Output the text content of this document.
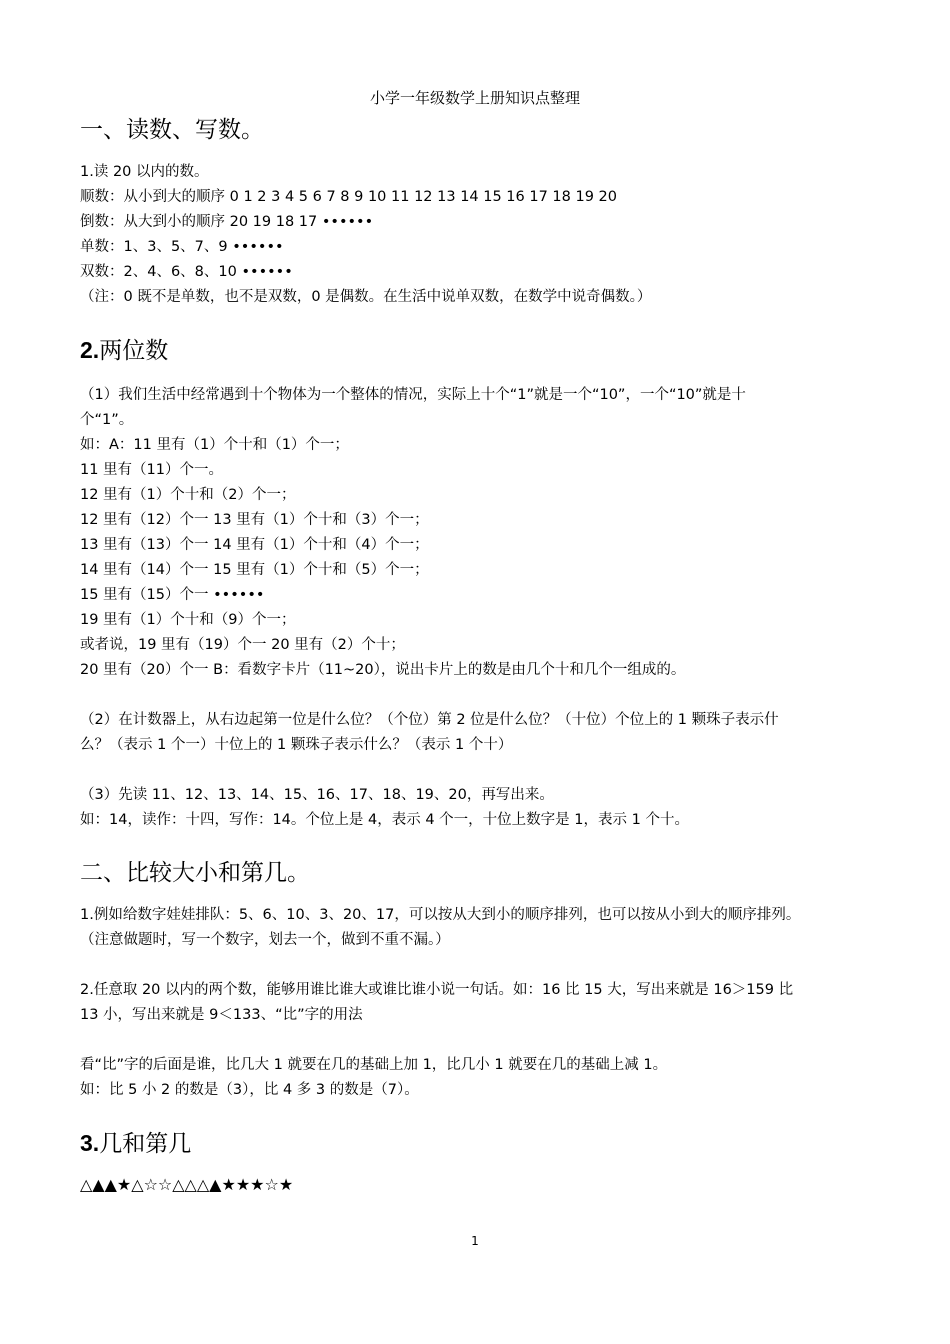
小学一年级数学上册知识点整理
一、读数、写数。
1.读 20 以内的数。
顺数：从小到大的顺序 0 1 2 3 4 5 6 7 8 9 10 11 12 13 14 15 16 17 18 19 20
倒数：从大到小的顺序 20 19 18 17 ••••••
单数：1、3、5、7、9 ••••••
双数：2、4、6、8、10 ••••••
（注：0 既不是单数，也不是双数，0 是偶数。在生活中说单双数，在数学中说奇偶数。）
2.两位数
（1）我们生活中经常遇到十个物体为一个整体的情况，实际上十个“1”就是一个“10”，一个“10”就是十
个“1”。
如：A：11 里有（1）个十和（1）个一；
11 里有（11）个一。
12 里有（1）个十和（2）个一；
12 里有（12）个一 13 里有（1）个十和（3）个一；
13 里有（13）个一 14 里有（1）个十和（4）个一；
14 里有（14）个一 15 里有（1）个十和（5）个一；
15 里有（15）个一 ••••••
19 里有（1）个十和（9）个一；
或者说，19 里有（19）个一 20 里有（2）个十；
20 里有（20）个一 B：看数字卡片（11~20），说出卡片上的数是由几个十和几个一组成的。
（2）在计数器上，从右边起第一位是什么位？（个位）第 2 位是什么位？（十位）个位上的 1 颗珠子表示什
么？（表示 1 个一）十位上的 1 颗珠子表示什么？（表示 1 个十）
（3）先读 11、12、13、14、15、16、17、18、19、20，再写出来。
如：14，读作：十四，写作：14。个位上是 4，表示 4 个一，十位上数字是 1，表示 1 个十。
二、比较大小和第几。
1.例如给数字娃娃排队：5、6、10、3、20、17，可以按从大到小的顺序排列，也可以按从小到大的顺序排列。
（注意做题时，写一个数字，划去一个，做到不重不漏。）
2.任意取 20 以内的两个数，能够用谁比谁大或谁比谁小说一句话。如：16 比 15 大，写出来就是 16＞159 比
13 小，写出来就是 9＜133、“比”字的用法
看“比”字的后面是谁，比几大 1 就要在几的基础上加 1，比几小 1 就要在几的基础上减 1。
如：比 5 小 2 的数是（3），比 4 多 3 的数是（7）。
3.几和第几
△▲▲★△☆☆△△△▲★★★☆★
1
